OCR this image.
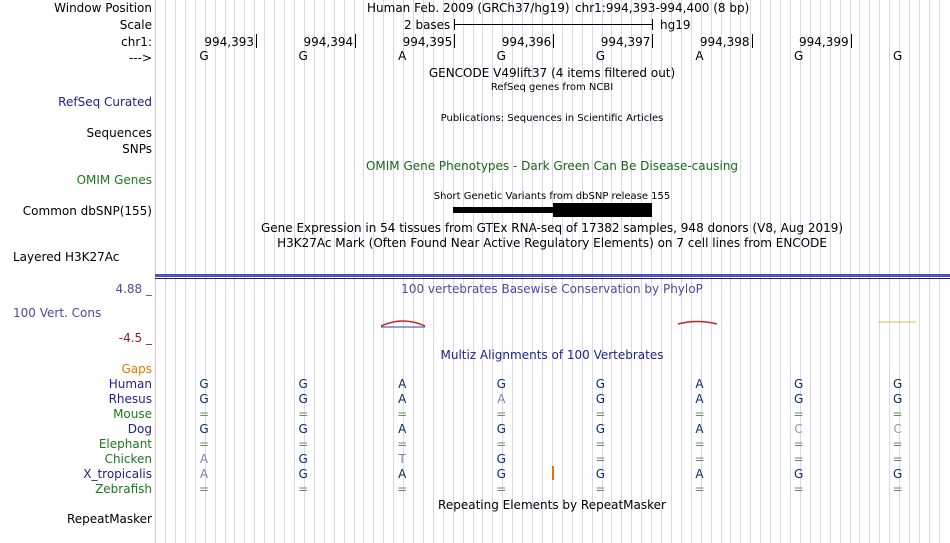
Window Position
Scale
chr1:
--->
RefSeq Curated
Sequences
SNPs
OMIM Genes
Common dbSNP(155)
Layered H3K27Ac
4.88 _
100 Vert. Cons
-4.5 _
Gaps
RepeatMasker
Human Feb. 2009 (GRCh37/hg19) chr1:994,393-994,400 (8 bp)
2 bases	hg19
994,393	994,394	994,395	994,396	994,397	994,398	994,399
G	G	A	G	G	A	G	G
GENCODE V49lift37 (4 items filtered out)
RefSeq genes from NCBI
Publications: Sequences in Scientific Articles
OMIM Gene Phenotypes - Dark Green Can Be Disease-causing
Short Genetic Variants from dbSNP release 155
Gene Expression in 54 tissues from GTEx RNA-seq of 17382 samples, 948 donors (V8, Aug 2019)
H3K27Ac Mark (Often Found Near Active Regulatory Elements) on 7 cell lines from ENCODE
100 vertebrates Basewise Conservation by PhyloP
Multiz Alignments of 100 Vertebrates
Repeating Elements by RepeatMasker
Human	G	G	A	G	G	A	G	G
Rhesus	G	G	A	A	G	A	G	G
Mouse	=	=	=	=	=	=	=	=
Dog	G	G	A	G	G	A	C	C
Elephant	=	=	=	=	=	=	=	=
Chicken	A	G	T	G	=	=	=	=
X_tropicalis	A	G	A	G	G	A	G	G
Zebrafish	=	=	=	=	=	=	=	=
